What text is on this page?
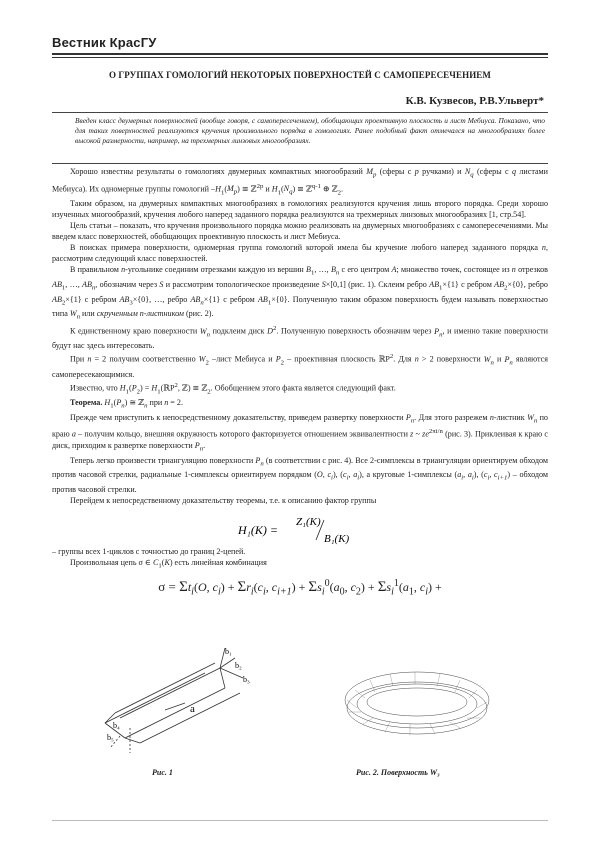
Вестник КрасГУ
О ГРУППАХ ГОМОЛОГИЙ НЕКОТОРЫХ ПОВЕРХНОСТЕЙ С САМОПЕРЕСЕЧЕНИЕМ
К.В. Кузвесов, Р.В.Ульверт*
Введен класс двумерных поверхностей (вообще говоря, с самопересечением), обобщающих проективную плоскость и лист Мебиуса. Показано, что для таких поверхностей реализуются кручения произвольного порядка в гомологиях. Ранее подобный факт отмечался на многообразиях более высокой размерности, например, на трехмерных линзовых многообразиях.

Хорошо известны результаты о гомологиях двумерных компактных многообразий $M_p$ (сферы с p ручками) и $N_q$ (сферы с q листами Мебиуса). Их одномерные группы гомологий $-H_1(M_p)$ ≅ ℤ$^{2p}$ и $H_1(N_q)$ ≅ ℤ$^{q-1}$ ⊕ ℤ$_2$.

Таким образом, на двумерных компактных многообразиях в гомологиях реализуются кручения лишь второго порядка. Среди хорошо изученных многообразий, кручения любого наперед заданного порядка реализуются на трехмерных линзовых многообразиях [1, стр.54].

Цель статьи – показать, что кручения произвольного порядка можно реализовать на двумерных многообразиях с самопересечениями. Мы введем класс поверхностей, обобщающих проективную плоскость и лист Мебиуса.

В поисках примера поверхности, одномерная группа гомологий которой имела бы кручение любого наперед заданного порядка n, рассмотрим следующий класс поверхностей.

В правильном n-угольнике соединим отрезками каждую из вершин $B_1$, …, $B_n$ с его центром A; множество точек, состоящее из n отрезков $AB_1$, …, $AB_n$, обозначим через S и рассмотрим топологическое произведение S×[0,1] (рис. 1). Склеим ребро $AB_1\times\{1\}$ с ребром $AB_2\times\{0\}$, ребро $AB_2\times\{1\}$ с ребром $AB_3\times\{0\}$, …, ребро $AB_n\times\{1\}$ с ребром $AB_1\times\{0\}$. Полученную таким образом поверхность будем называть поверхностью типа $W_n$ или скрученным n-листником (рис. 2).

К единственному краю поверхности $W_n$ подклеим диск $D^2$. Полученную поверхность обозначим через $P_n$, и именно такие поверхности будут нас здесь интересовать.

При n = 2 получим соответственно $W_2$ –лист Мебиуса и $P_2$ – проективная плоскость ℝP$^2$. Для n > 2 поверхности $W_n$ и $P_n$ являются самопересекающимися.

Известно, что $H_1(P_2)$ = $H_1(ℝP^2$, ℤ) ≅ ℤ$_2$. Обобщением этого факта является следующий факт.

Теорема. $H_1(P_n)$ ≅ ℤ$_n$ при n = 2.

Прежде чем приступить к непосредственному доказательству, приведем развертку поверхности $P_n$. Для этого разрежем n-листник $W_n$ по краю a – получим кольцо, внешняя окружность которого факторизуется отношением эквивалентности z ~ $ze^{2\pi i/n}$ (рис. 3). Приклеивая к краю с диск, приходим к развертке поверхности $P_n$.

Теперь легко произвести триангуляцию поверхности $P_n$ (в соответствии с рис. 4). Все 2-симплексы в триангуляции ориентируем обходом против часовой стрелки, радиальные 1-симплексы ориентируем порядком (O, $c_i$), ($c_i$, $a_i$), а круговые 1-симплексы ($a_i$, $a_i$), ($c_i$, $c_{i+1}$) – обходом против часовой стрелки.

Перейдем к непосредственному доказательству теоремы, т.е. к описанию фактор группы

H₁(K) =
Z₁(K)
B₁(K)

– группы всех 1-циклов с точностью до границ 2-цепей.

Произвольная цепь σ ∈ $C_1(K)$ есть линейная комбинация

$\sigma = \Sigma t_i(O$, $c_i) + \Sigma r_i(c_i$, $c_{i+1}) + \Sigma s_i^0(a_0$, $c_2) + \Sigma s_i^1(a_1$, $c_i$) +
b₁
b₂
b₃
b₄
b₅
a
Рис. 1	Рис. 2. Поверхность W₃
